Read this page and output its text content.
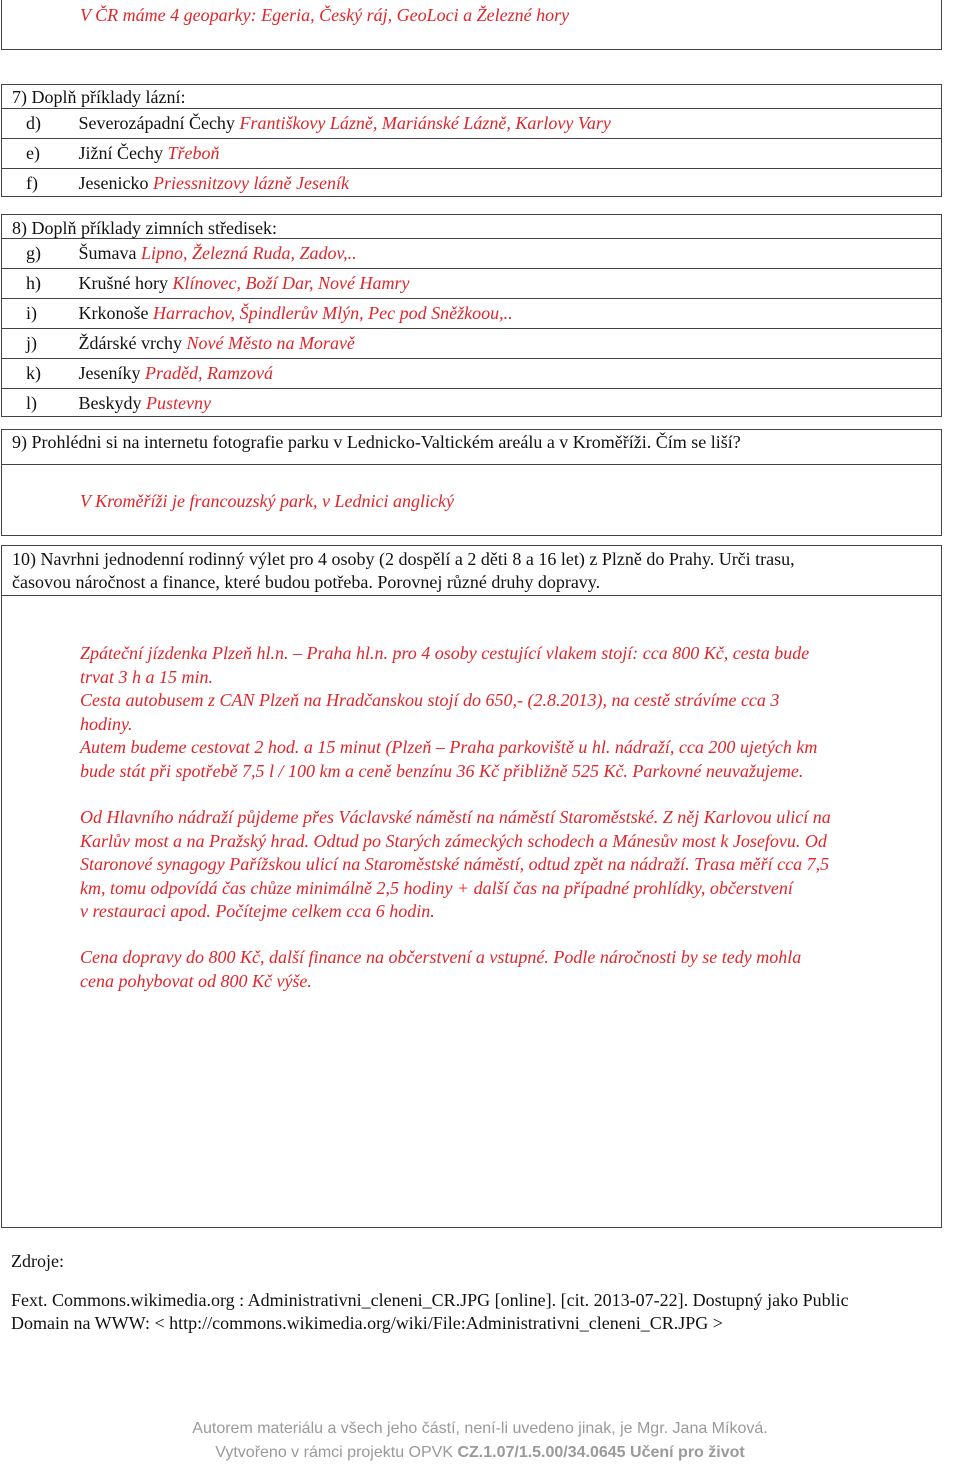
V ČR máme 4 geoparky: Egeria, Český ráj, GeoLoci a Železné hory
7) Doplň příklady lázní:
d) Severozápadní Čechy Františkovy Lázně, Mariánské Lázně, Karlovy Vary
e) Jižní Čechy Třeboň
f) Jesenicko Priessnitzovy lázně Jeseník
8) Doplň příklady zimních středisek:
g) Šumava Lipno, Železná Ruda, Zadov,..
h) Krušné hory Klínovec, Boží Dar, Nové Hamry
i) Krkonoše Harrachov, Špindlerův Mlýn, Pec pod Sněžkoou,..
j) Ždárské vrchy Nové Město na Moravě
k) Jeseníky Praděd, Ramzová
l) Beskydy Pustevny
9) Prohlédni si na internetu fotografie parku v Lednicko-Valtickém areálu a v Kroměříži. Čím se liší?
V Kroměříži je francouzský park, v Lednici anglický
10) Navrhni jednodenní rodinný výlet pro 4 osoby (2 dospělí a 2 děti 8 a 16 let) z Plzně do Prahy. Urči trasu,
časovou náročnost a finance, které budou potřeba. Porovnej různé druhy dopravy.
Zpáteční jízdenka Plzeň hl.n. – Praha hl.n. pro 4 osoby cestující vlakem stojí: cca 800 Kč, cesta bude
trvat 3 h a 15 min.
Cesta autobusem z CAN Plzeň na Hradčanskou stojí do 650,- (2.8.2013), na cestě strávíme cca 3
hodiny.
Autem budeme cestovat 2 hod. a 15 minut (Plzeň – Praha parkoviště u hl. nádraží, cca 200 ujetých km
bude stát při spotřebě 7,5 l / 100 km a ceně benzínu 36 Kč přibližně 525 Kč. Parkovné neuvažujeme.
Od Hlavního nádraží půjdeme přes Václavské náměstí na náměstí Staroměstské. Z něj Karlovou ulicí na
Karlův most a na Pražský hrad. Odtud po Starých zámeckých schodech a Mánesův most k Josefovu. Od
Staronové synagogy Pařížskou ulicí na Staroměstské náměstí, odtud zpět na nádraží. Trasa měří cca 7,5
km, tomu odpovídá čas chůze minimálně 2,5 hodiny + další čas na případné prohlídky, občerstvení
v restauraci apod. Počítejme celkem cca 6 hodin.
Cena dopravy do 800 Kč, další finance na občerstvení a vstupné. Podle náročnosti by se tedy mohla
cena pohybovat od 800 Kč výše.

Zdroje:

Fext. Commons.wikimedia.org : Administrativni_cleneni_CR.JPG [online]. [cit. 2013-07-22]. Dostupný jako Public

Domain na WWW: < http://commons.wikimedia.org/wiki/File:Administrativni_cleneni_CR.JPG >

Autorem materiálu a všech jeho částí, není-li uvedeno jinak, je Mgr. Jana Míková.
Vytvořeno v rámci projektu OPVK CZ.1.07/1.5.00/34.0645 Učení pro život
